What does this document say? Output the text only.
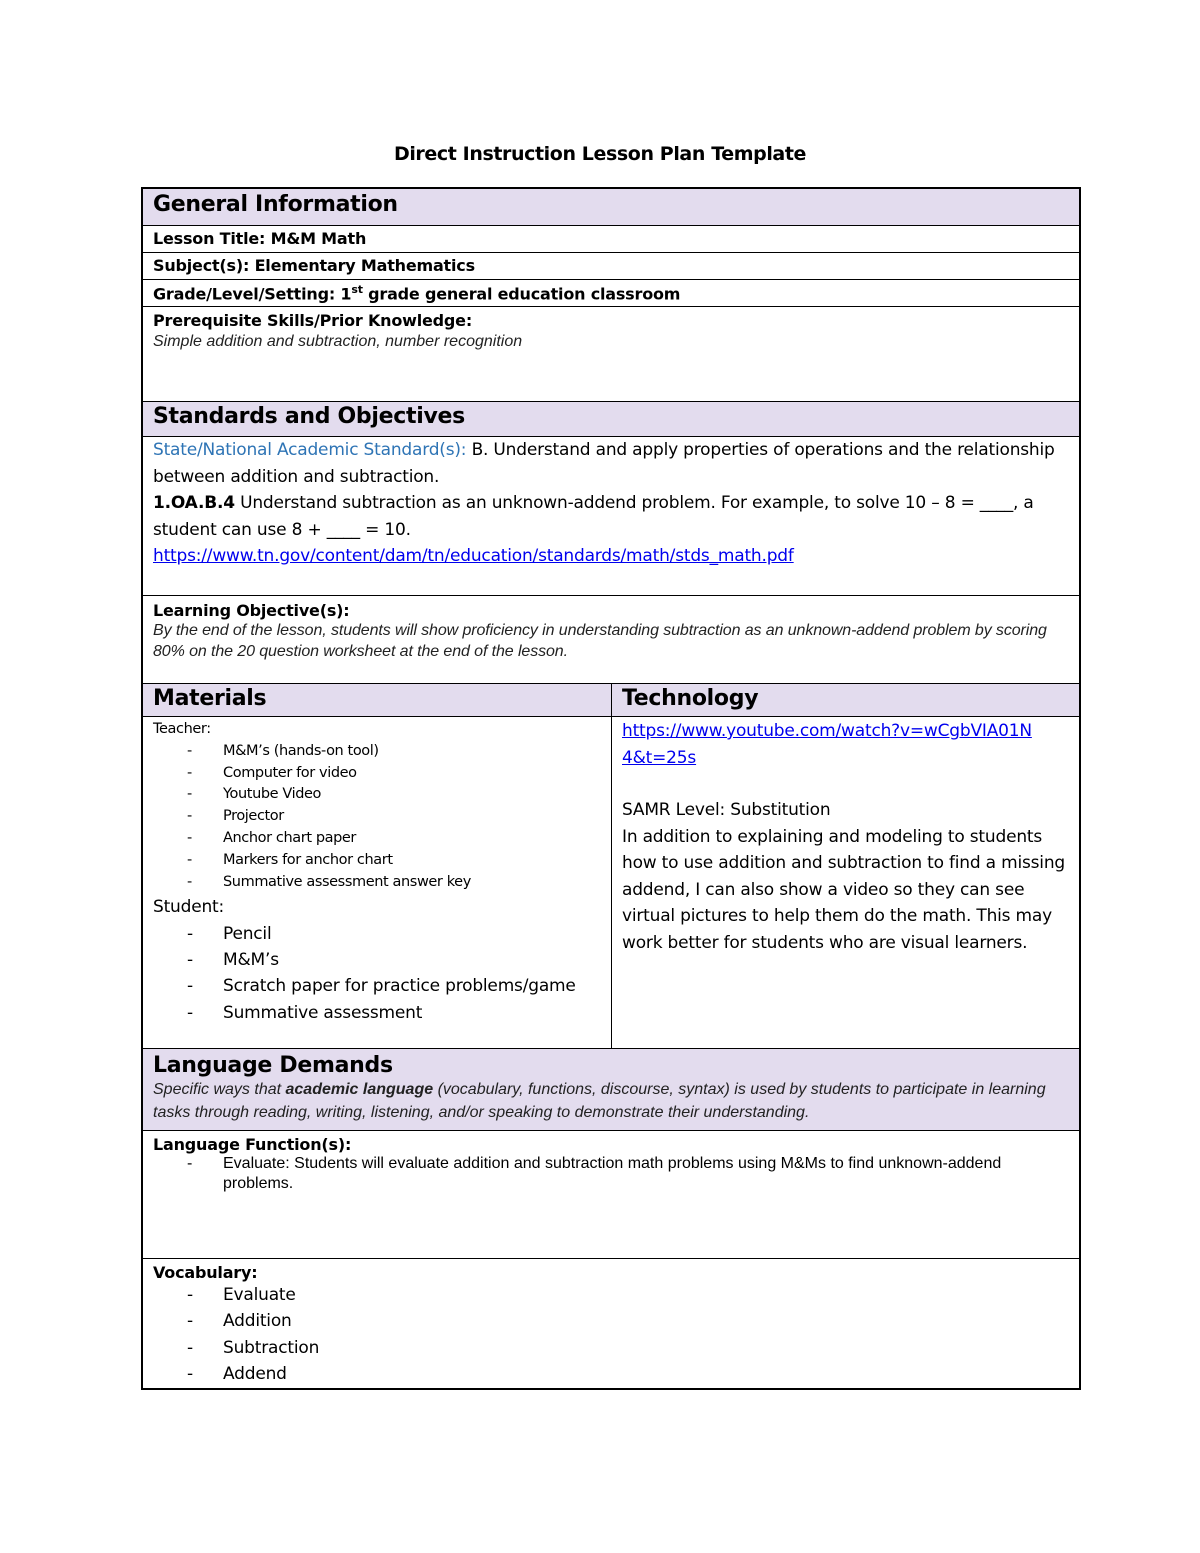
Direct Instruction Lesson Plan Template
General Information
Lesson Title: M&M Math
Subject(s): Elementary Mathematics
Grade/Level/Setting: 1st grade general education classroom
Prerequisite Skills/Prior Knowledge:
Simple addition and subtraction, number recognition
Standards and Objectives
State/National Academic Standard(s): B. Understand and apply properties of operations and the relationship between addition and subtraction.
1.OA.B.4 Understand subtraction as an unknown-addend problem. For example, to solve 10 – 8 = ____, a student can use 8 + ____ = 10.
https://www.tn.gov/content/dam/tn/education/standards/math/stds_math.pdf
Learning Objective(s):
By the end of the lesson, students will show proficiency in understanding subtraction as an unknown-addend problem by scoring 80% on the 20 question worksheet at the end of the lesson.
Materials
Teacher:
- M&M’s (hands-on tool)
- Computer for video
- Youtube Video
- Projector
- Anchor chart paper
- Markers for anchor chart
- Summative assessment answer key
Student:
- Pencil
- M&M’s
- Scratch paper for practice problems/game
- Summative assessment
Technology
https://www.youtube.com/watch?v=wCgbVIA01N
4&t=25s
SAMR Level: Substitution
In addition to explaining and modeling to students how to use addition and subtraction to find a missing addend, I can also show a video so they can see virtual pictures to help them do the math. This may work better for students who are visual learners.
Language Demands
Specific ways that academic language (vocabulary, functions, discourse, syntax) is used by students to participate in learning tasks through reading, writing, listening, and/or speaking to demonstrate their understanding.
Language Function(s):
- Evaluate: Students will evaluate addition and subtraction math problems using M&Ms to find unknown-addend problems.
Vocabulary:
- Evaluate
- Addition
- Subtraction
- Addend
